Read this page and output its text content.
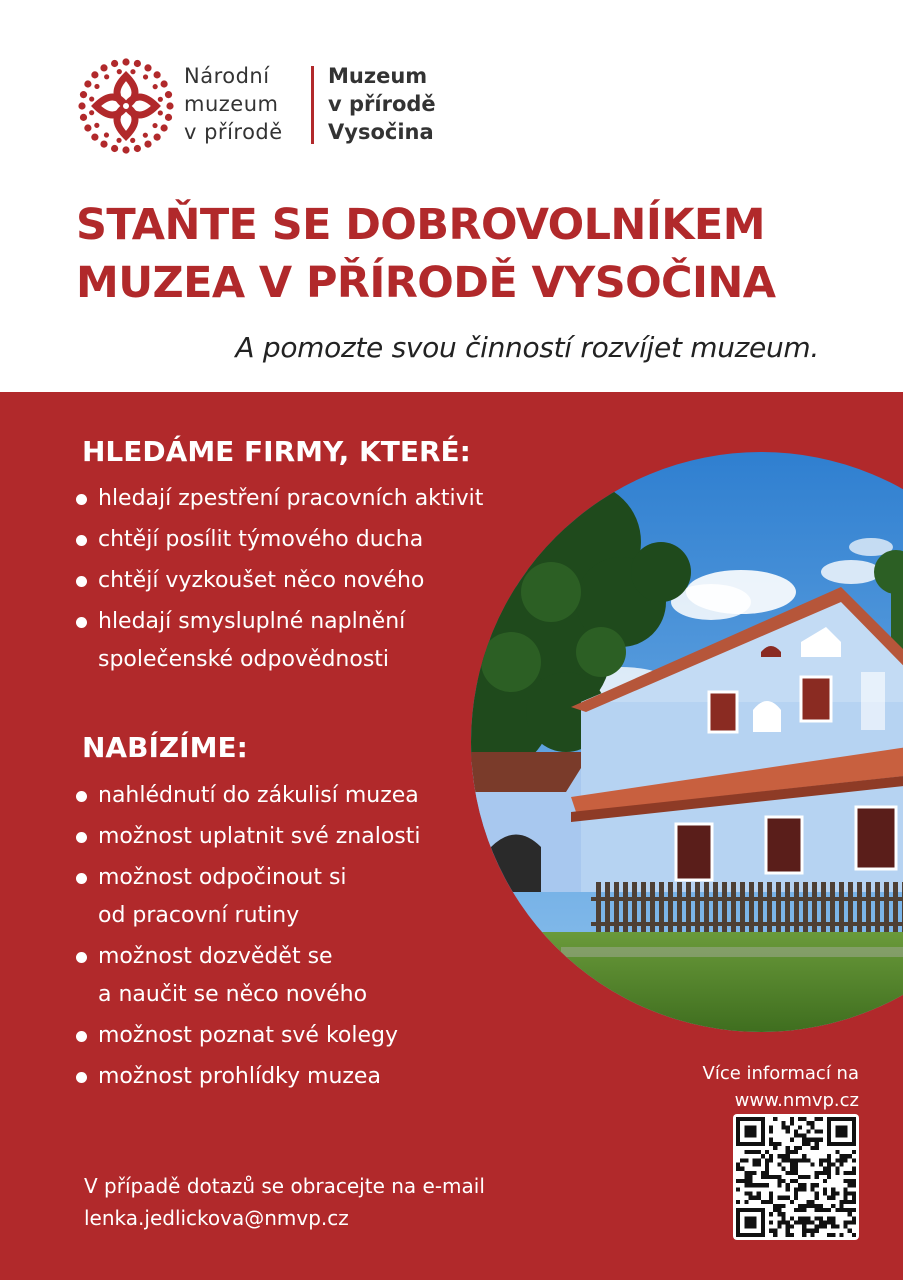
Národní
muzeum
v přírodě
Muzeum
v přírodě
Vysočina
STAŇTE SE DOBROVOLNÍKEM
MUZEA V PŘÍRODĚ VYSOČINA
A pomozte svou činností rozvíjet muzeum.
HLEDÁME FIRMY, KTERÉ:
hledají zpestření pracovních aktivit
chtějí posílit týmového ducha
chtějí vyzkoušet něco nového
hledají smysluplné naplnění
společenské odpovědnosti
NABÍZÍME:
nahlédnutí do zákulisí muzea
možnost uplatnit své znalosti
možnost odpočinout si
od pracovní rutiny
možnost dozvědět se
a naučit se něco nového
možnost poznat své kolegy
možnost prohlídky muzea
V případě dotazů se obracejte na e-mail
lenka.jedlickova@nmvp.cz
Více informací na
www.nmvp.cz
